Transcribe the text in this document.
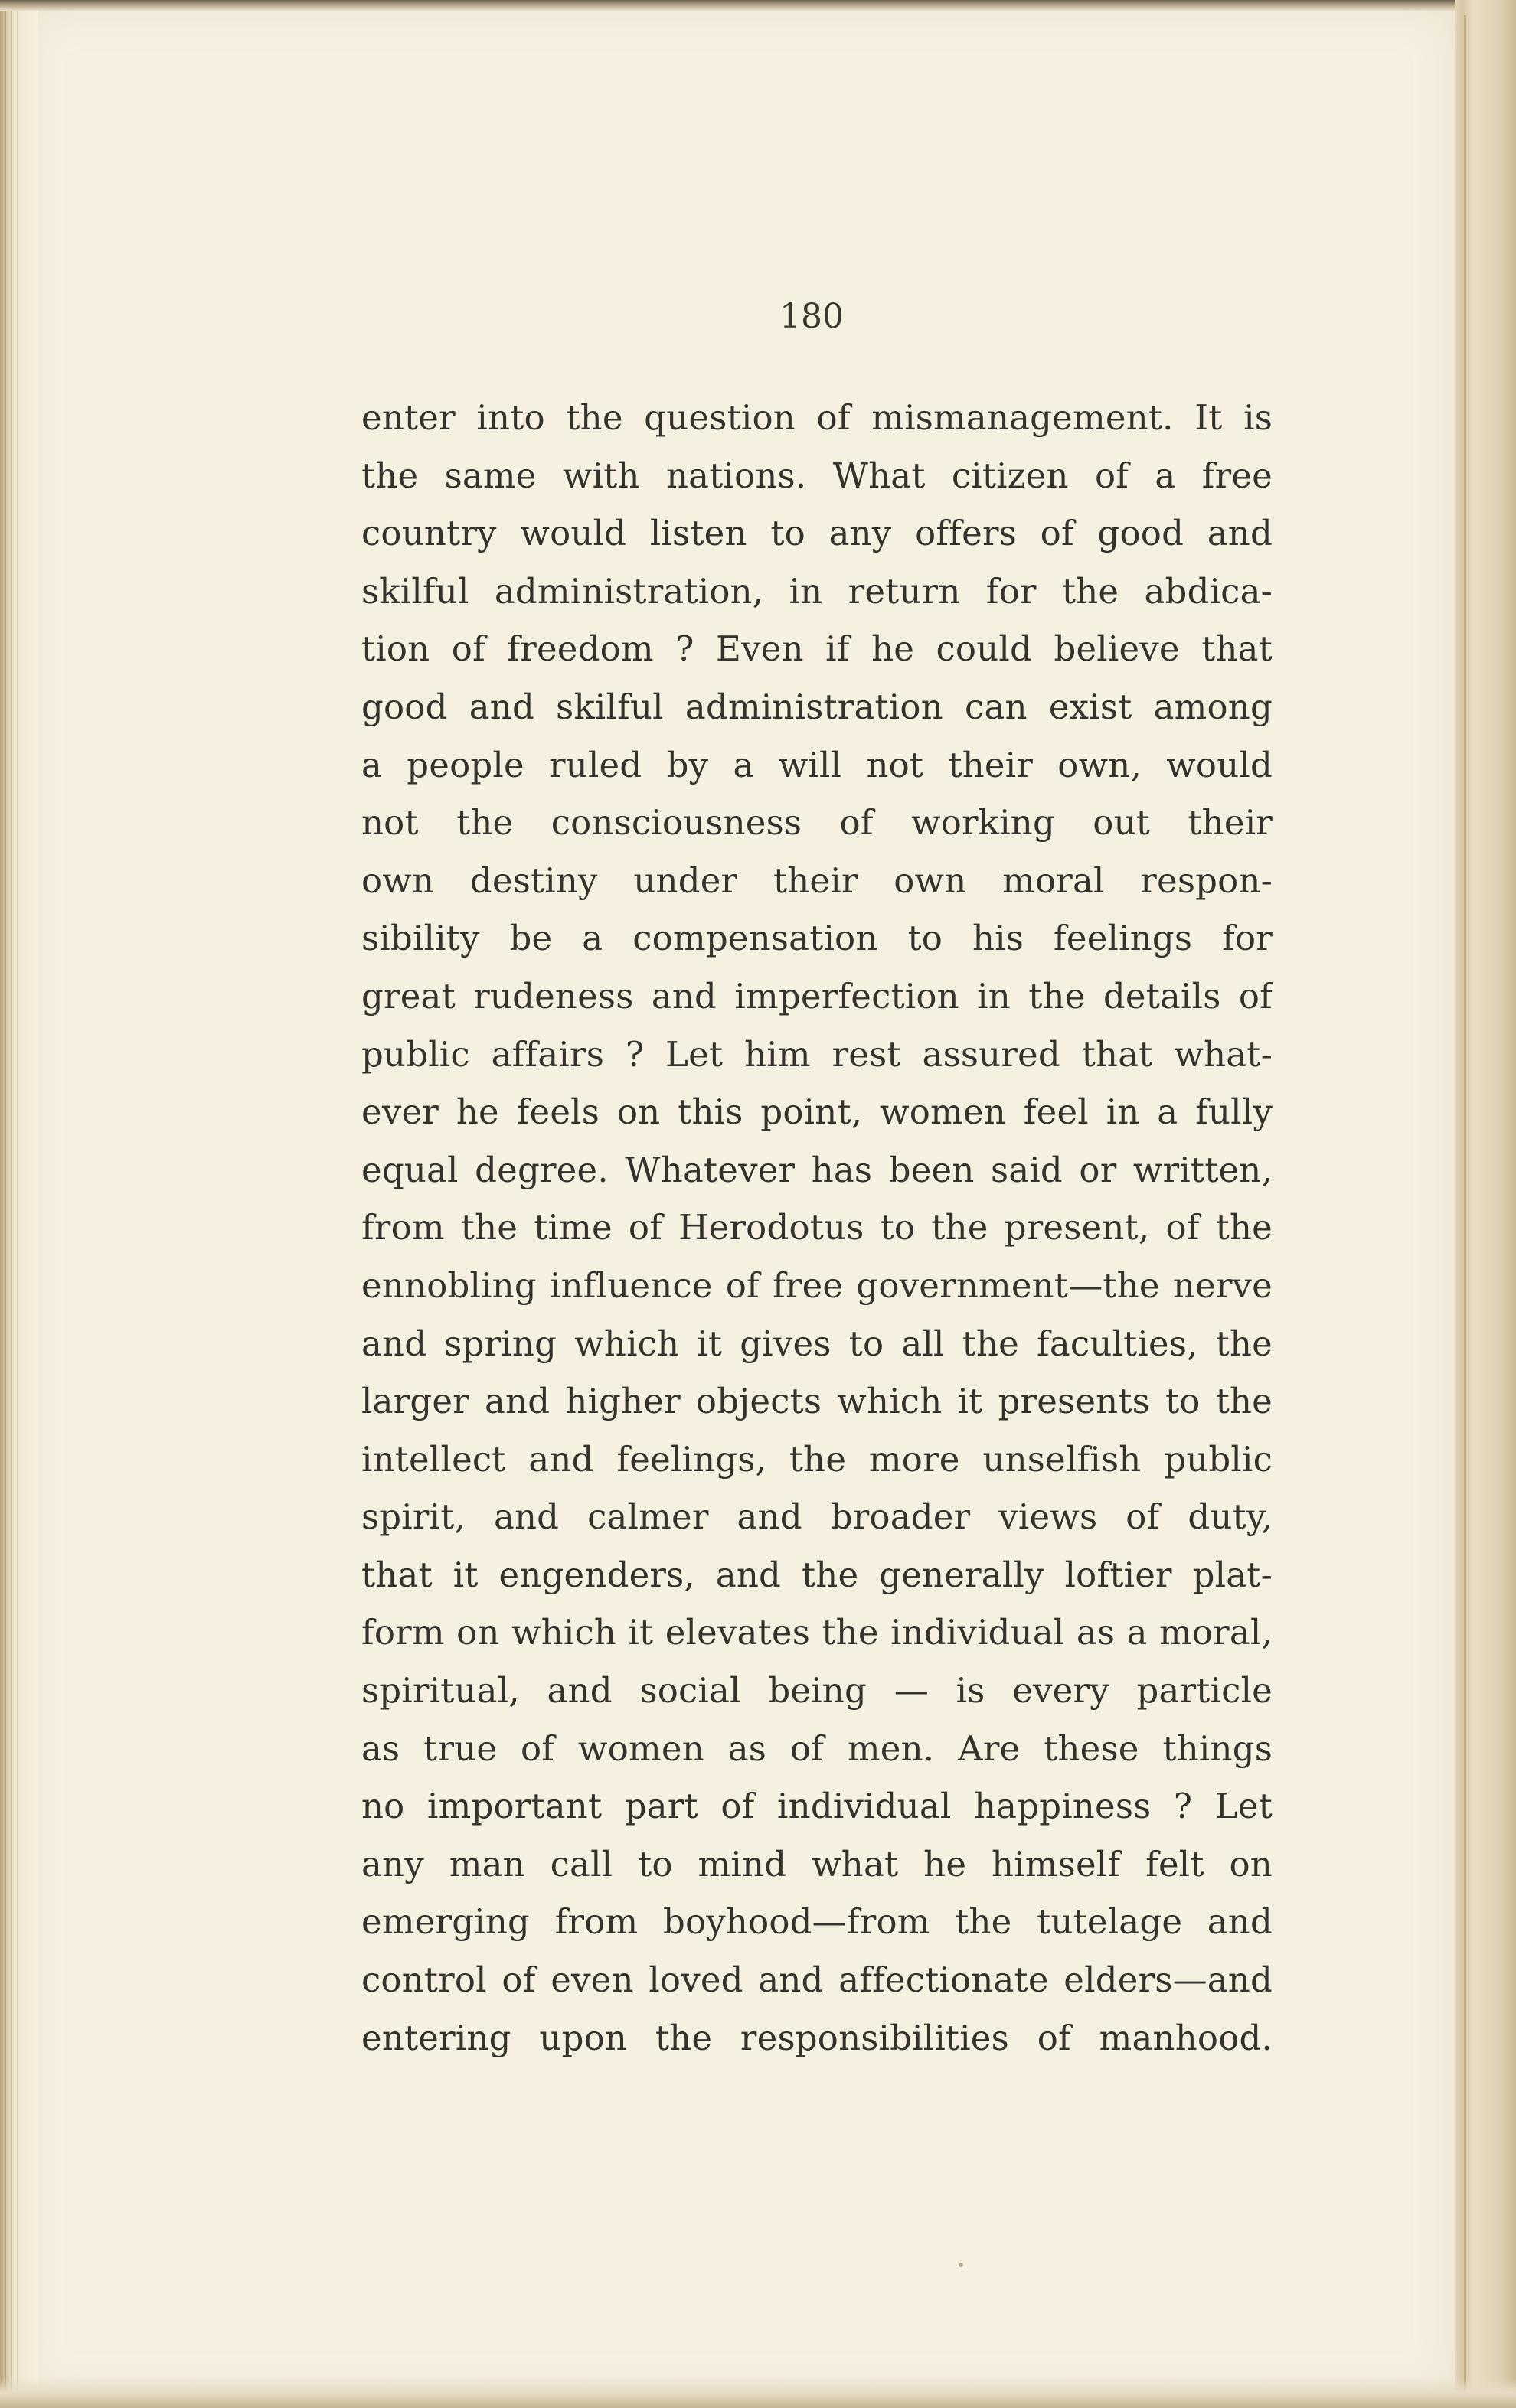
180
enter into the question of mismanagement. It is
the same with nations. What citizen of a free
country would listen to any offers of good and
skilful administration, in return for the abdica-
tion of freedom ? Even if he could believe that
good and skilful administration can exist among
a people ruled by a will not their own, would
not the consciousness of working out their
own destiny under their own moral respon-
sibility be a compensation to his feelings for
great rudeness and imperfection in the details of
public affairs ? Let him rest assured that what-
ever he feels on this point, women feel in a fully
equal degree. Whatever has been said or written,
from the time of Herodotus to the present, of the
ennobling influence of free government—the nerve
and spring which it gives to all the faculties, the
larger and higher objects which it presents to the
intellect and feelings, the more unselfish public
spirit, and calmer and broader views of duty,
that it engenders, and the generally loftier plat-
form on which it elevates the individual as a moral,
spiritual, and social being — is every particle
as true of women as of men. Are these things
no important part of individual happiness ? Let
any man call to mind what he himself felt on
emerging from boyhood—from the tutelage and
control of even loved and affectionate elders—and
entering upon the responsibilities of manhood.
